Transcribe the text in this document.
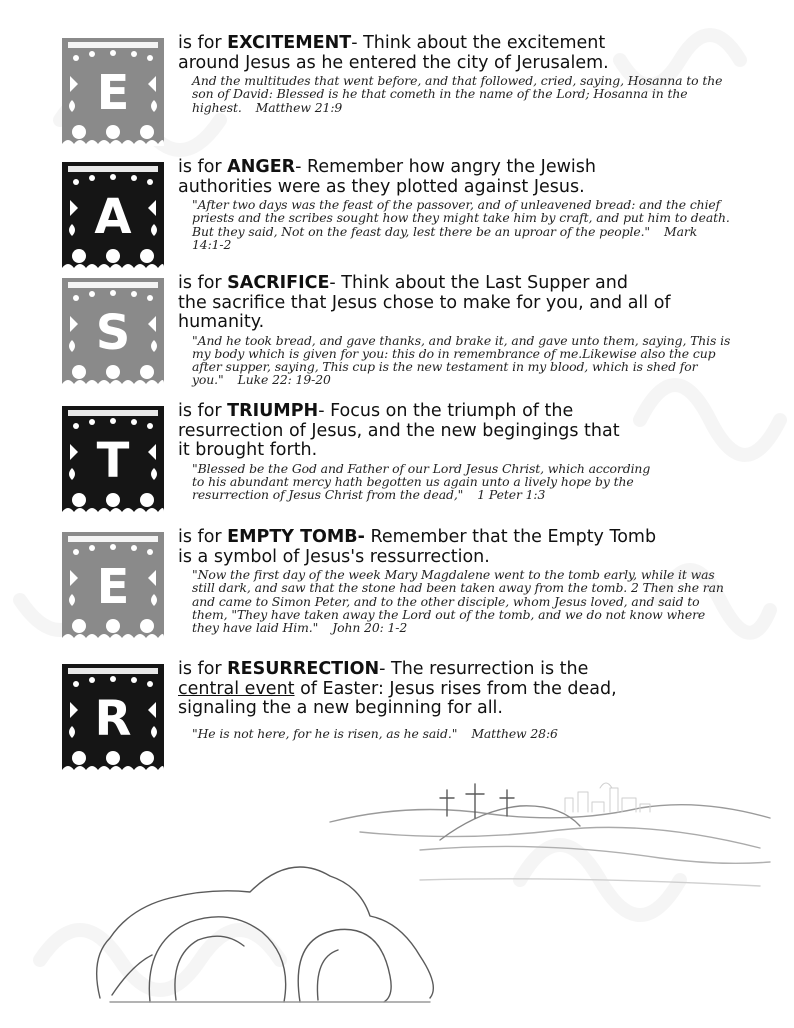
E

is for EXCITEMENT- Think about the excitement
around Jesus as he entered the city of Jerusalem.

And the multitudes that went before, and that followed, cried, saying, Hosanna to the son of David: Blessed is he that cometh in the name of the Lord; Hosanna in the highest. Matthew 21:9

A

is for ANGER- Remember how angry the Jewish
authorities were as they plotted against Jesus.

"After two days was the feast of the passover, and of unleavened bread: and the chief priests and the scribes sought how they might take him by craft, and put him to death. But they said, Not on the feast day, lest there be an uproar of the people." Mark 14:1-2

S

is for SACRIFICE- Think about the Last Supper and
the sacrifice that Jesus chose to make for you, and all of humanity.

"And he took bread, and gave thanks, and brake it, and gave unto them, saying, This is my body which is given for you: this do in remembrance of me.Likewise also the cup after supper, saying, This cup is the new testament in my blood, which is shed for you." Luke 22: 19-20

T

is for TRIUMPH- Focus on the triumph of the
resurrection of Jesus, and the new begingings that it brought forth.

"Blessed be the God and Father of our Lord Jesus Christ, which according to his abundant mercy hath begotten us again unto a lively hope by the resurrection of Jesus Christ from the dead," 1 Peter 1:3

E

is for EMPTY TOMB- Remember that the Empty Tomb
is a symbol of Jesus's ressurrection.

"Now the first day of the week Mary Magdalene went to the tomb early, while it was still dark, and saw that the stone had been taken away from the tomb. 2 Then she ran and came to Simon Peter, and to the other disciple, whom Jesus loved, and said to them, "They have taken away the Lord out of the tomb, and we do not know where they have laid Him." John 20: 1-2

R

is for RESURRECTION- The resurrection is the
central event of Easter: Jesus rises from the dead,
signaling the a new beginning for all.

"He is not here, for he is risen, as he said." Matthew 28:6
